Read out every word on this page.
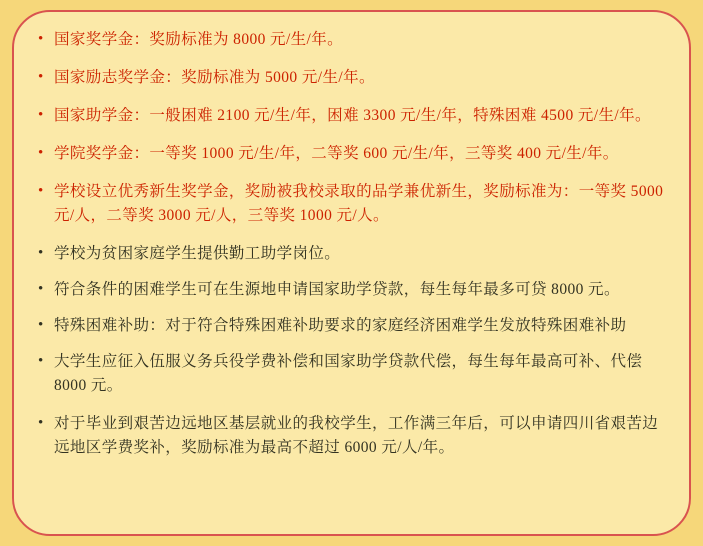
• 国家奖学金：奖励标准为 8000 元/生/年。
• 国家励志奖学金：奖励标准为 5000 元/生/年。
• 国家助学金：一般困难 2100 元/生/年，困难 3300 元/生/年，特殊困难 4500 元/生/年。
• 学院奖学金：一等奖 1000 元/生/年，二等奖 600 元/生/年，三等奖 400 元/生/年。
• 学校设立优秀新生奖学金，奖励被我校录取的品学兼优新生，奖励标准为：一等奖 5000 元/人，二等奖 3000 元/人，三等奖 1000 元/人。
• 学校为贫困家庭学生提供勤工助学岗位。
• 符合条件的困难学生可在生源地申请国家助学贷款，每生每年最多可贷 8000 元。
• 特殊困难补助：对于符合特殊困难补助要求的家庭经济困难学生发放特殊困难补助
• 大学生应征入伍服义务兵役学费补偿和国家助学贷款代偿，每生每年最高可补、代偿 8000 元。
• 对于毕业到艰苦边远地区基层就业的我校学生，工作满三年后，可以申请四川省艰苦边远地区学费奖补，奖励标准为最高不超过 6000 元/人/年。
